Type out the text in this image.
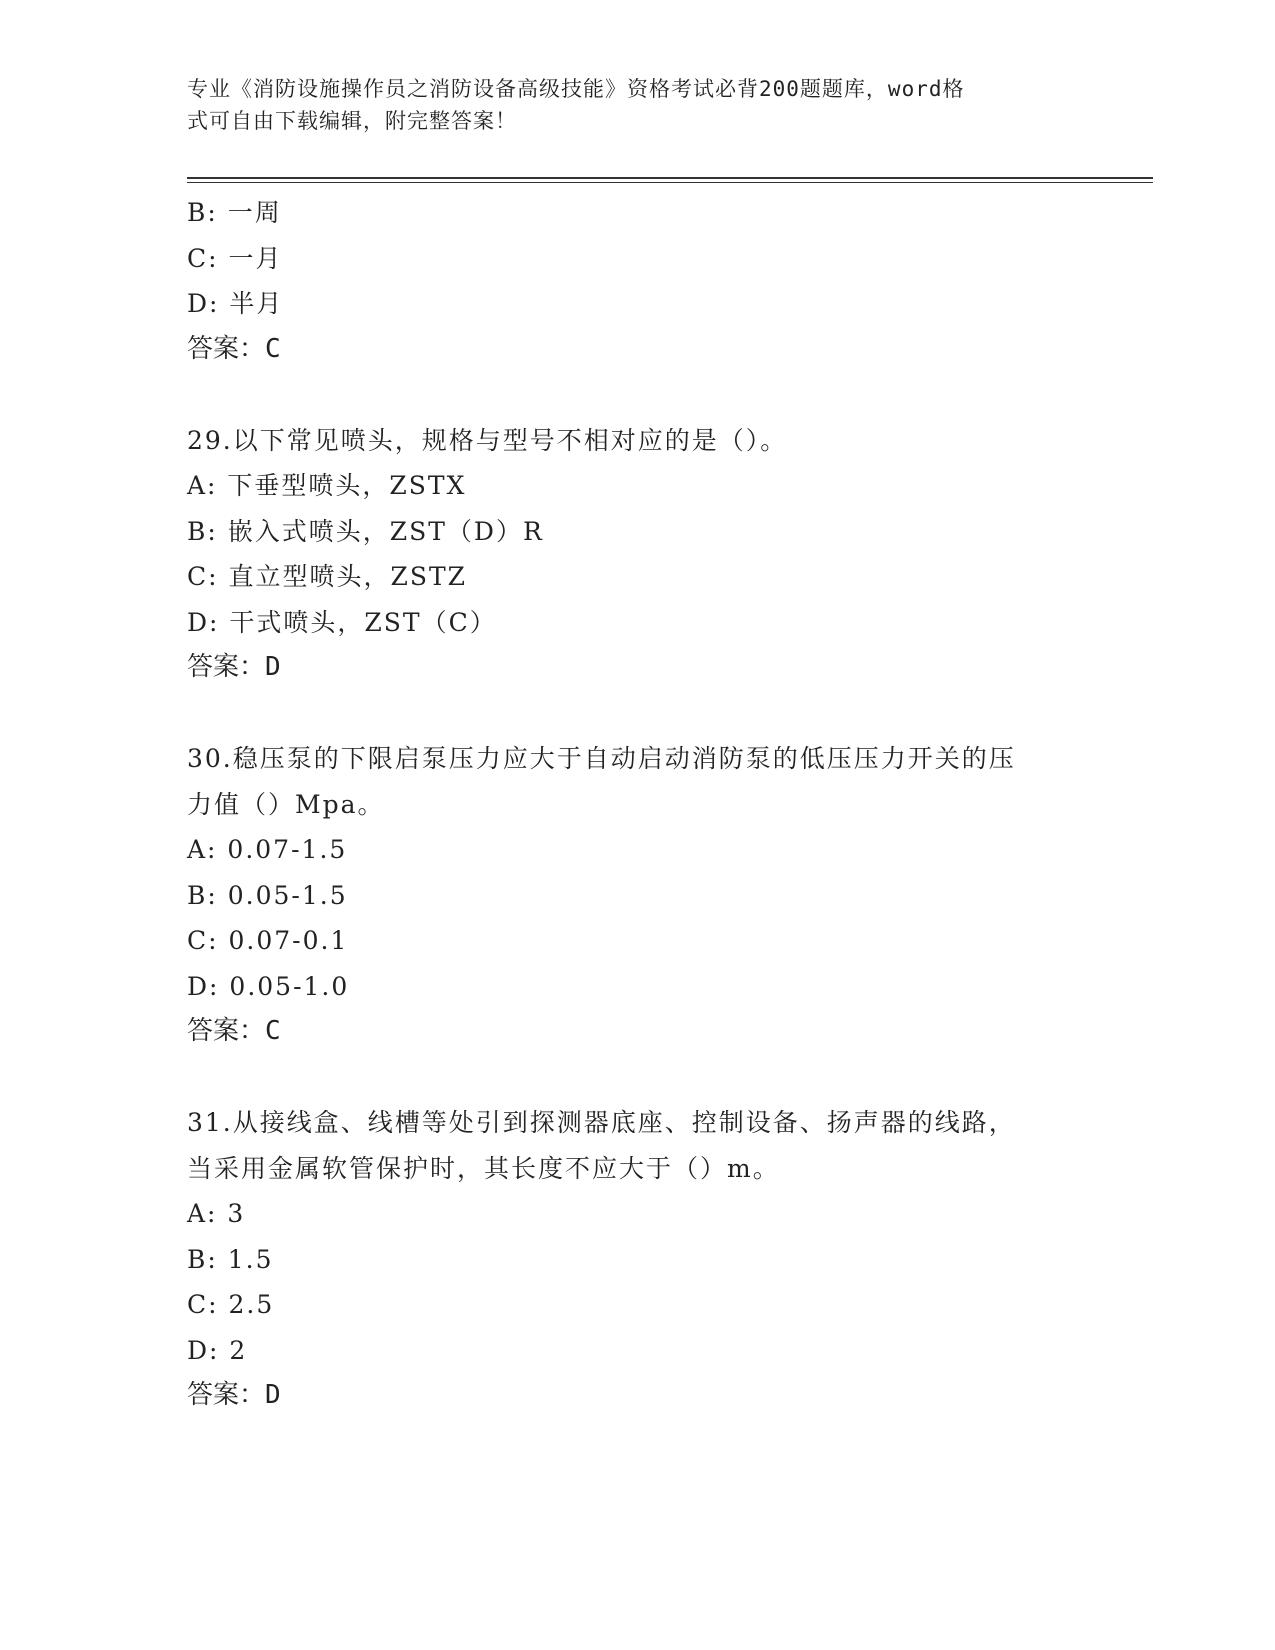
专业《消防设施操作员之消防设备高级技能》资格考试必背200题题库，word格
式可自由下载编辑，附完整答案！
B: 一周
C: 一月
D: 半月
答案：C
29.以下常见喷头，规格与型号不相对应的是（）。
A: 下垂型喷头，ZSTX
B: 嵌入式喷头，ZST（D）R
C: 直立型喷头，ZSTZ
D: 干式喷头，ZST（C）
答案：D
30.稳压泵的下限启泵压力应大于自动启动消防泵的低压压力开关的压
力值（）Mpa。
A: 0.07-1.5
B: 0.05-1.5
C: 0.07-0.1
D: 0.05-1.0
答案：C
31.从接线盒、线槽等处引到探测器底座、控制设备、扬声器的线路，
当采用金属软管保护时，其长度不应大于（）m。
A: 3
B: 1.5
C: 2.5
D: 2
答案：D
